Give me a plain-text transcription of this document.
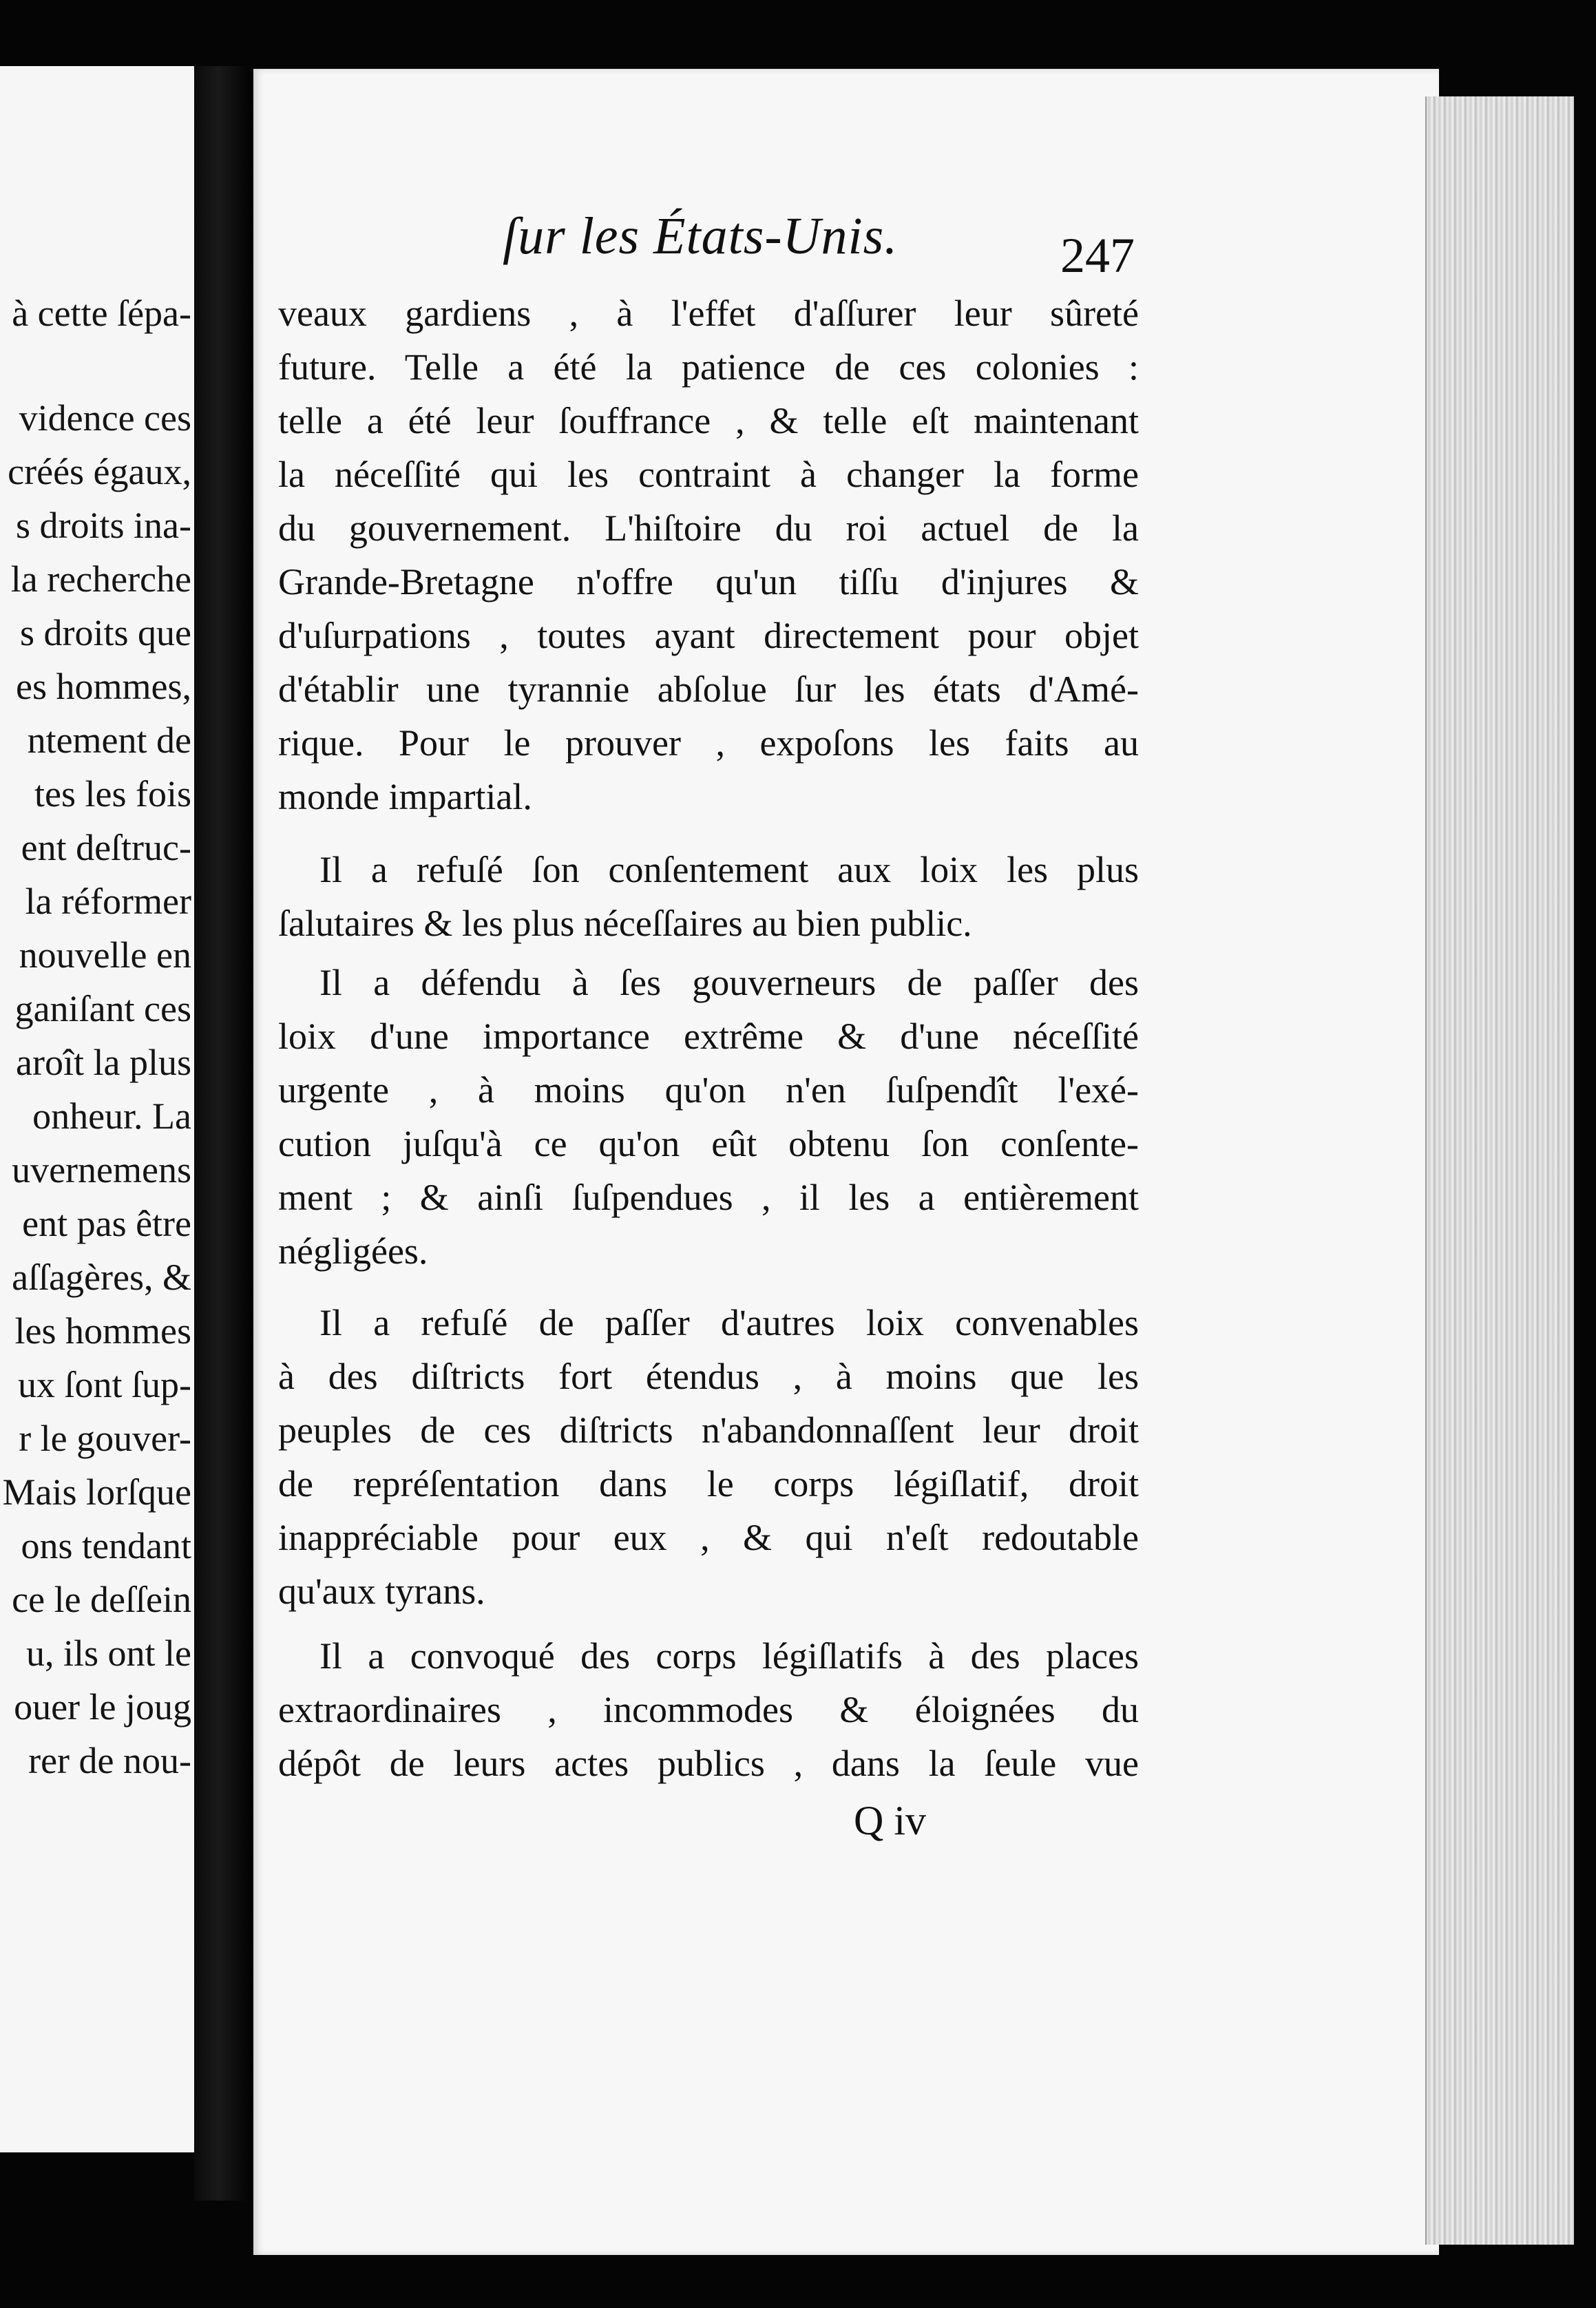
à cette ſépa-
vidence ces
créés égaux,
s droits ina-
la recherche
s droits que
es hommes,
ntement de
tes les fois
ent deſtruc-
la réformer
nouvelle en
ganiſant ces
aroît la plus
onheur. La
uvernemens
ent pas être
aſſagères, &
les hommes
ux ſont ſup-
r le gouver-
Mais lorſque
ons tendant
ce le deſſein
u, ils ont le
ouer le joug
rer de nou-
ſur les États-Unis.	247
veaux gardiens , à l'effet d'aſſurer leur sûreté
future. Telle a été la patience de ces colonies :
telle a été leur ſouffrance , & telle eſt maintenant
la néceſſité qui les contraint à changer la forme
du gouvernement. L'hiſtoire du roi actuel de la
Grande-Bretagne n'offre qu'un tiſſu d'injures &
d'uſurpations , toutes ayant directement pour objet
d'établir une tyrannie abſolue ſur les états d'Amé-
rique. Pour le prouver , expoſons les faits au
monde impartial.
Il a refuſé ſon conſentement aux loix les plus
ſalutaires & les plus néceſſaires au bien public.
Il a défendu à ſes gouverneurs de paſſer des
loix d'une importance extrême & d'une néceſſité
urgente , à moins qu'on n'en ſuſpendît l'exé-
cution juſqu'à ce qu'on eût obtenu ſon conſente-
ment ; & ainſi ſuſpendues , il les a entièrement
négligées.
Il a refuſé de paſſer d'autres loix convenables
à des diſtricts fort étendus , à moins que les
peuples de ces diſtricts n'abandonnaſſent leur droit
de repréſentation dans le corps légiſlatif, droit
inappréciable pour eux , & qui n'eſt redoutable
qu'aux tyrans.
Il a convoqué des corps légiſlatifs à des places
extraordinaires , incommodes & éloignées du
dépôt de leurs actes publics , dans la ſeule vue
Q iv
